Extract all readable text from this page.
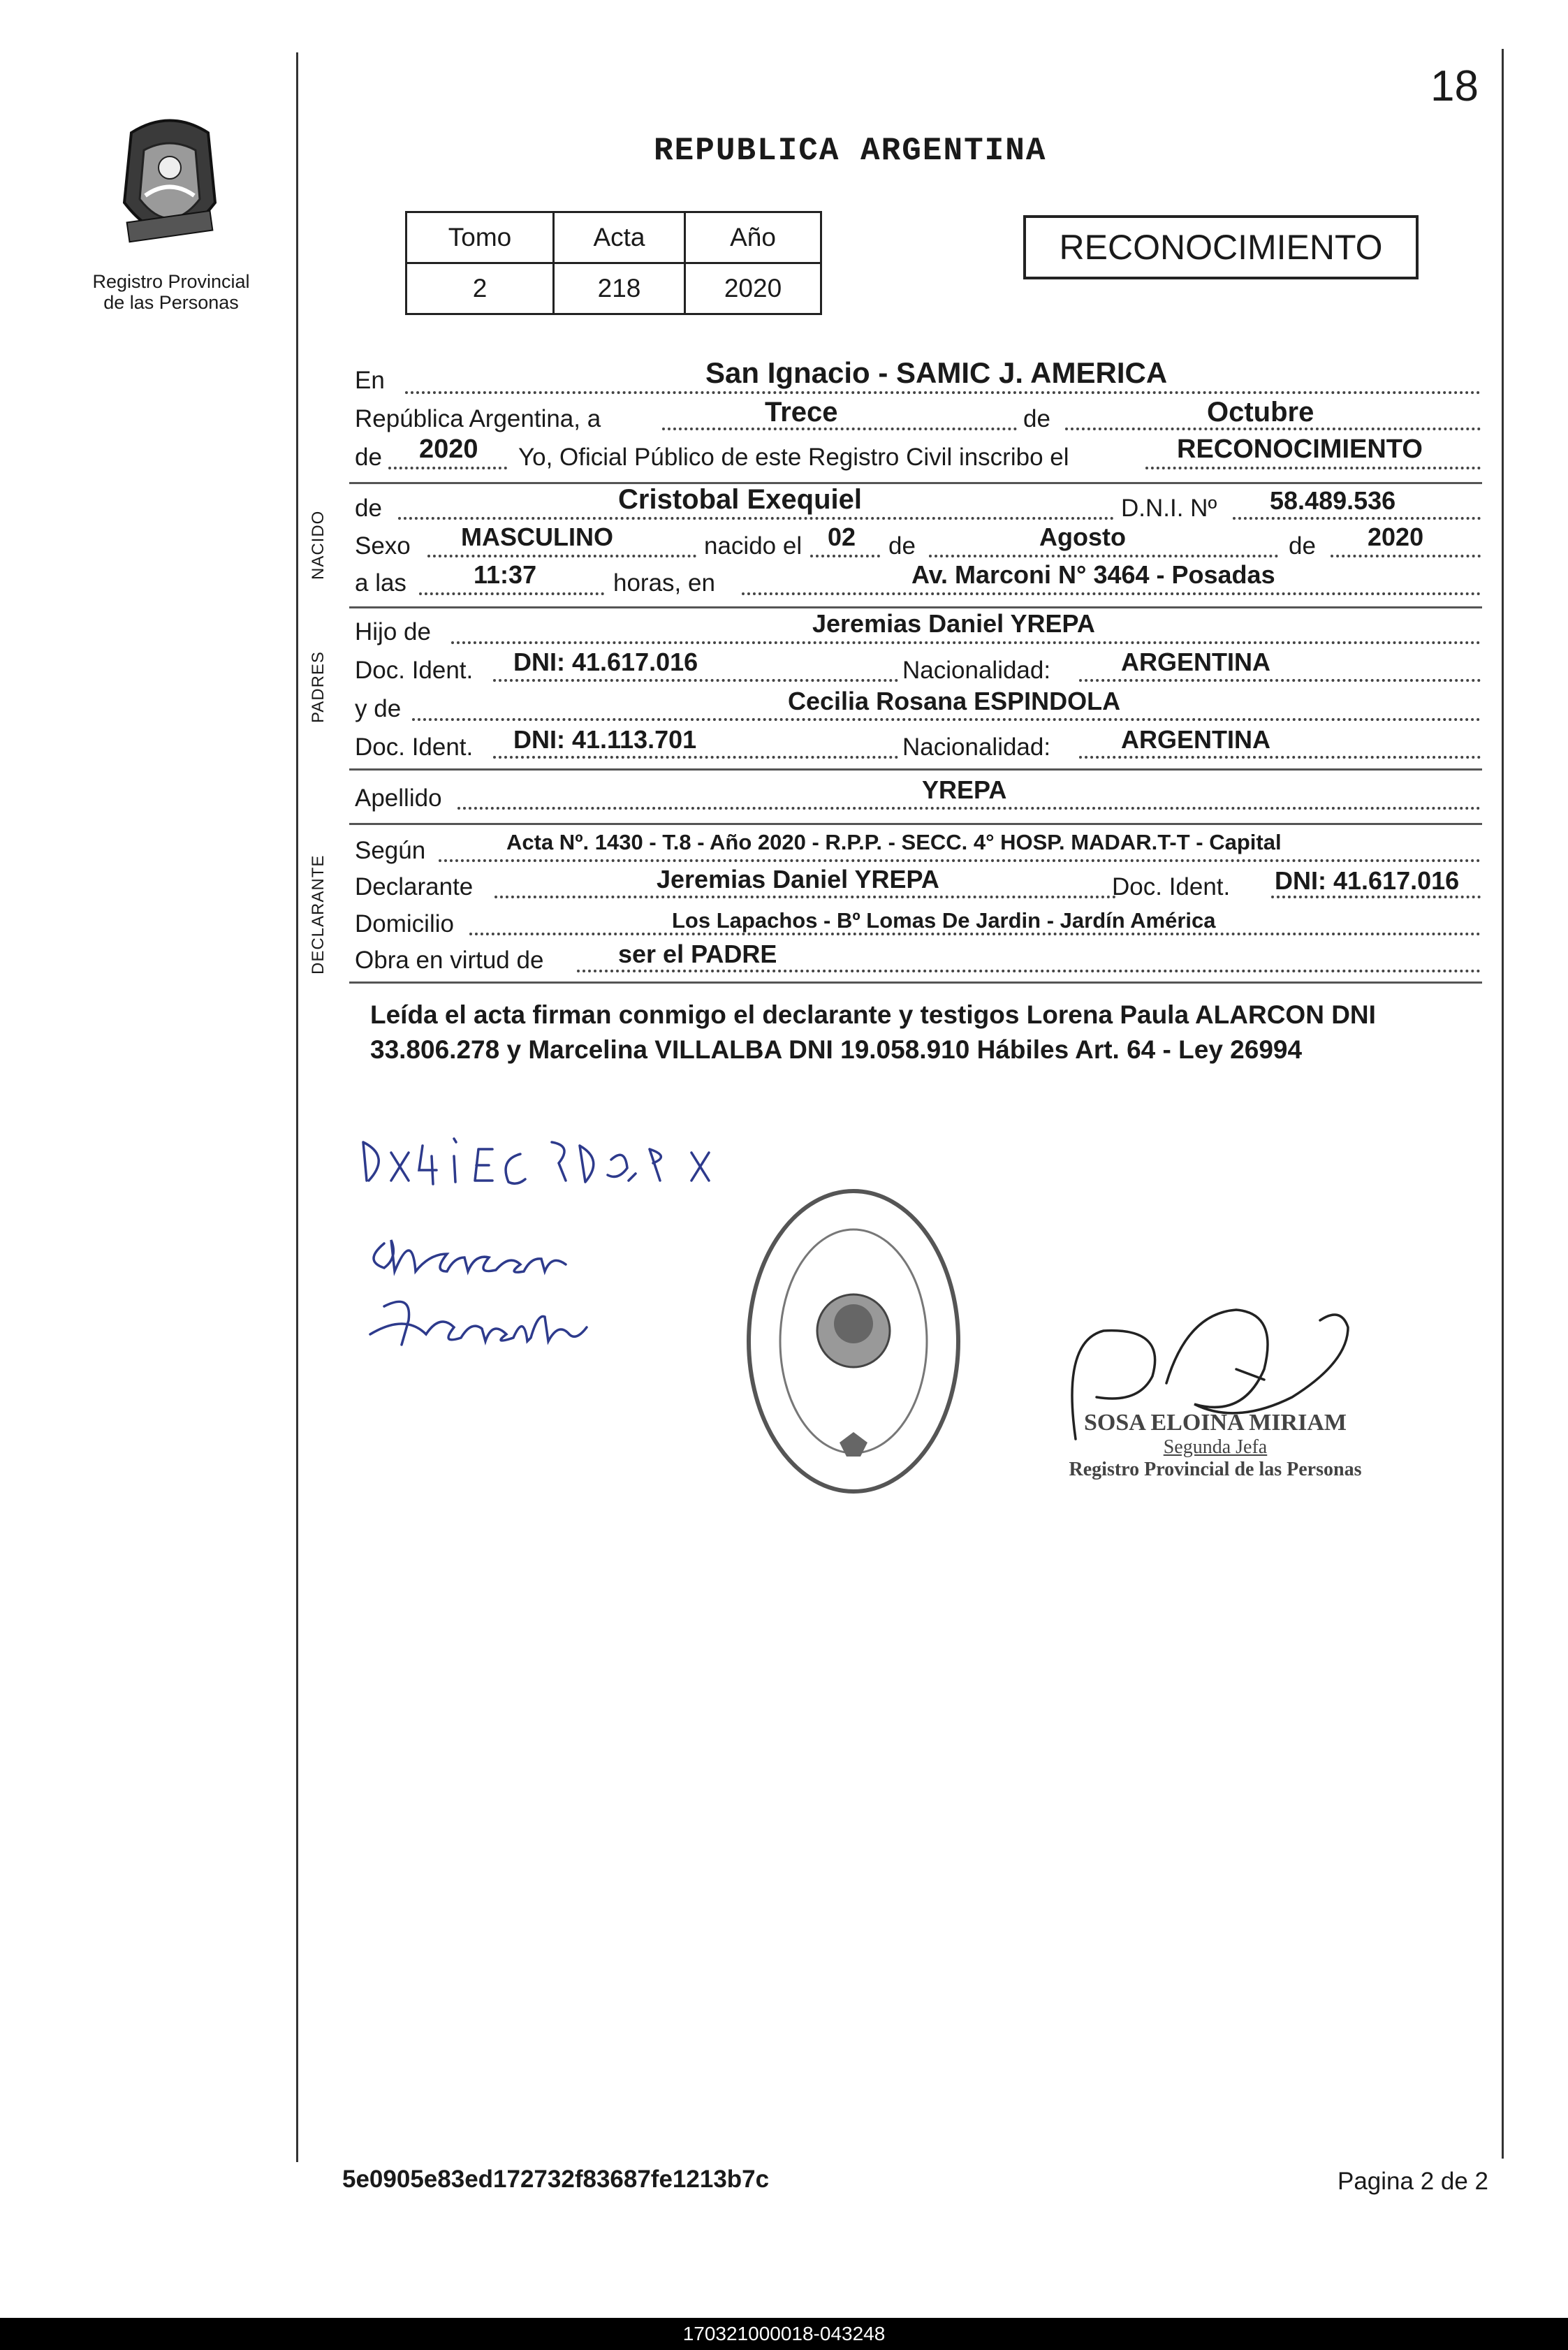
18
Registro Provincial
de las Personas
REPUBLICA ARGENTINA
Tomo	Acta	Año
2	218	2020
RECONOCIMIENTO
En	San Ignacio - SAMIC J. AMERICA
República Argentina, a	Trece	de	Octubre
de 2020 Yo, Oficial Público de este Registro Civil inscribo el	RECONOCIMIENTO
NACIDO
de	Cristobal Exequiel	D.N.I. Nº 58.489.536
Sexo MASCULINO	nacido el 02 de	Agosto	de 2020
a las	11:37	horas, en	Av. Marconi N° 3464 - Posadas
PADRES
Hijo de	Jeremias Daniel YREPA
Doc. Ident. DNI: 41.617.016	Nacionalidad:	ARGENTINA
y de	Cecilia Rosana ESPINDOLA
Doc. Ident. DNI: 41.113.701	Nacionalidad:	ARGENTINA
Apellido	YREPA
DECLARANTE
Según	Acta Nº. 1430 - T.8 - Año 2020 - R.P.P. - SECC. 4° HOSP. MADAR.T-T - Capital
Declarante	Jeremias Daniel YREPA	Doc. Ident. DNI: 41.617.016
Domicilio	Los Lapachos - Bº Lomas De Jardin - Jardín América
Obra en virtud de	ser el PADRE
Leída el acta firman conmigo el declarante y testigos Lorena Paula ALARCON DNI
33.806.278 y Marcelina VILLALBA DNI 19.058.910 Hábiles Art. 64 - Ley 26994
SOSA ELOINA MIRIAM
Segunda Jefa
Registro Provincial de las Personas
5e0905e83ed172732f83687fe1213b7c	Pagina 2 de 2
170321000018-043248
